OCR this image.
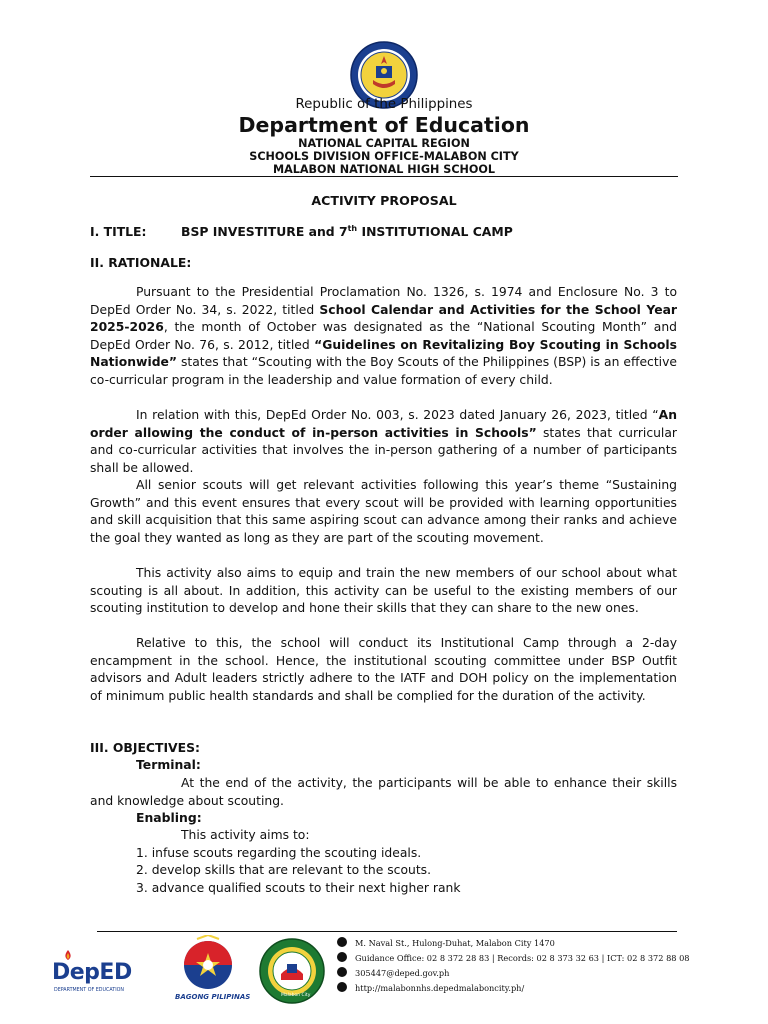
Republic of the Philippines
Department of Education
NATIONAL CAPITAL REGION
SCHOOLS DIVISION OFFICE-MALABON CITY
MALABON NATIONAL HIGH SCHOOL
ACTIVITY PROPOSAL
I. TITLE:	BSP INVESTITURE and 7th INSTITUTIONAL CAMP
II. RATIONALE:

Pursuant to the Presidential Proclamation No. 1326, s. 1974 and Enclosure No. 3 to DepEd Order No. 34, s. 2022, titled School Calendar and Activities for the School Year 2025-2026, the month of October was designated as the “National Scouting Month” and DepEd Order No. 76, s. 2012, titled “Guidelines on Revitalizing Boy Scouting in Schools Nationwide” states that “Scouting with the Boy Scouts of the Philippines (BSP) is an effective co-curricular program in the leadership and value formation of every child.

In relation with this, DepEd Order No. 003, s. 2023 dated January 26, 2023, titled “An order allowing the conduct of in-person activities in Schools” states that curricular and co-curricular activities that involves the in-person gathering of a number of participants shall be allowed.

All senior scouts will get relevant activities following this year’s theme “Sustaining Growth” and this event ensures that every scout will be provided with learning opportunities and skill acquisition that this same aspiring scout can advance among their ranks and achieve the goal they wanted as long as they are part of the scouting movement.

This activity also aims to equip and train the new members of our school about what scouting is all about. In addition, this activity can be useful to the existing members of our scouting institution to develop and hone their skills that they can share to the new ones.

Relative to this, the school will conduct its Institutional Camp through a 2-day encampment in the school. Hence, the institutional scouting committee under BSP Outfit advisors and Adult leaders strictly adhere to the IATF and DOH policy on the implementation of minimum public health standards and shall be complied for the duration of the activity.

III. OBJECTIVES:
Terminal:

At the end of the activity, the participants will be able to enhance their skills and knowledge about scouting.

Enabling:
This activity aims to:
1. infuse scouts regarding the scouting ideals.
2. develop skills that are relevant to the scouts.
3. advance qualified scouts to their next higher rank
DepED
DEPARTMENT OF EDUCATION
BAGONG PILIPINAS	Malabon City
M. Naval St., Hulong-Duhat, Malabon City 1470
Guidance Office: 02 8 372 28 83 | Records: 02 8 373 32 63 | ICT: 02 8 372 88 08
305447@deped.gov.ph
http://malabonnhs.depedmalaboncity.ph/
